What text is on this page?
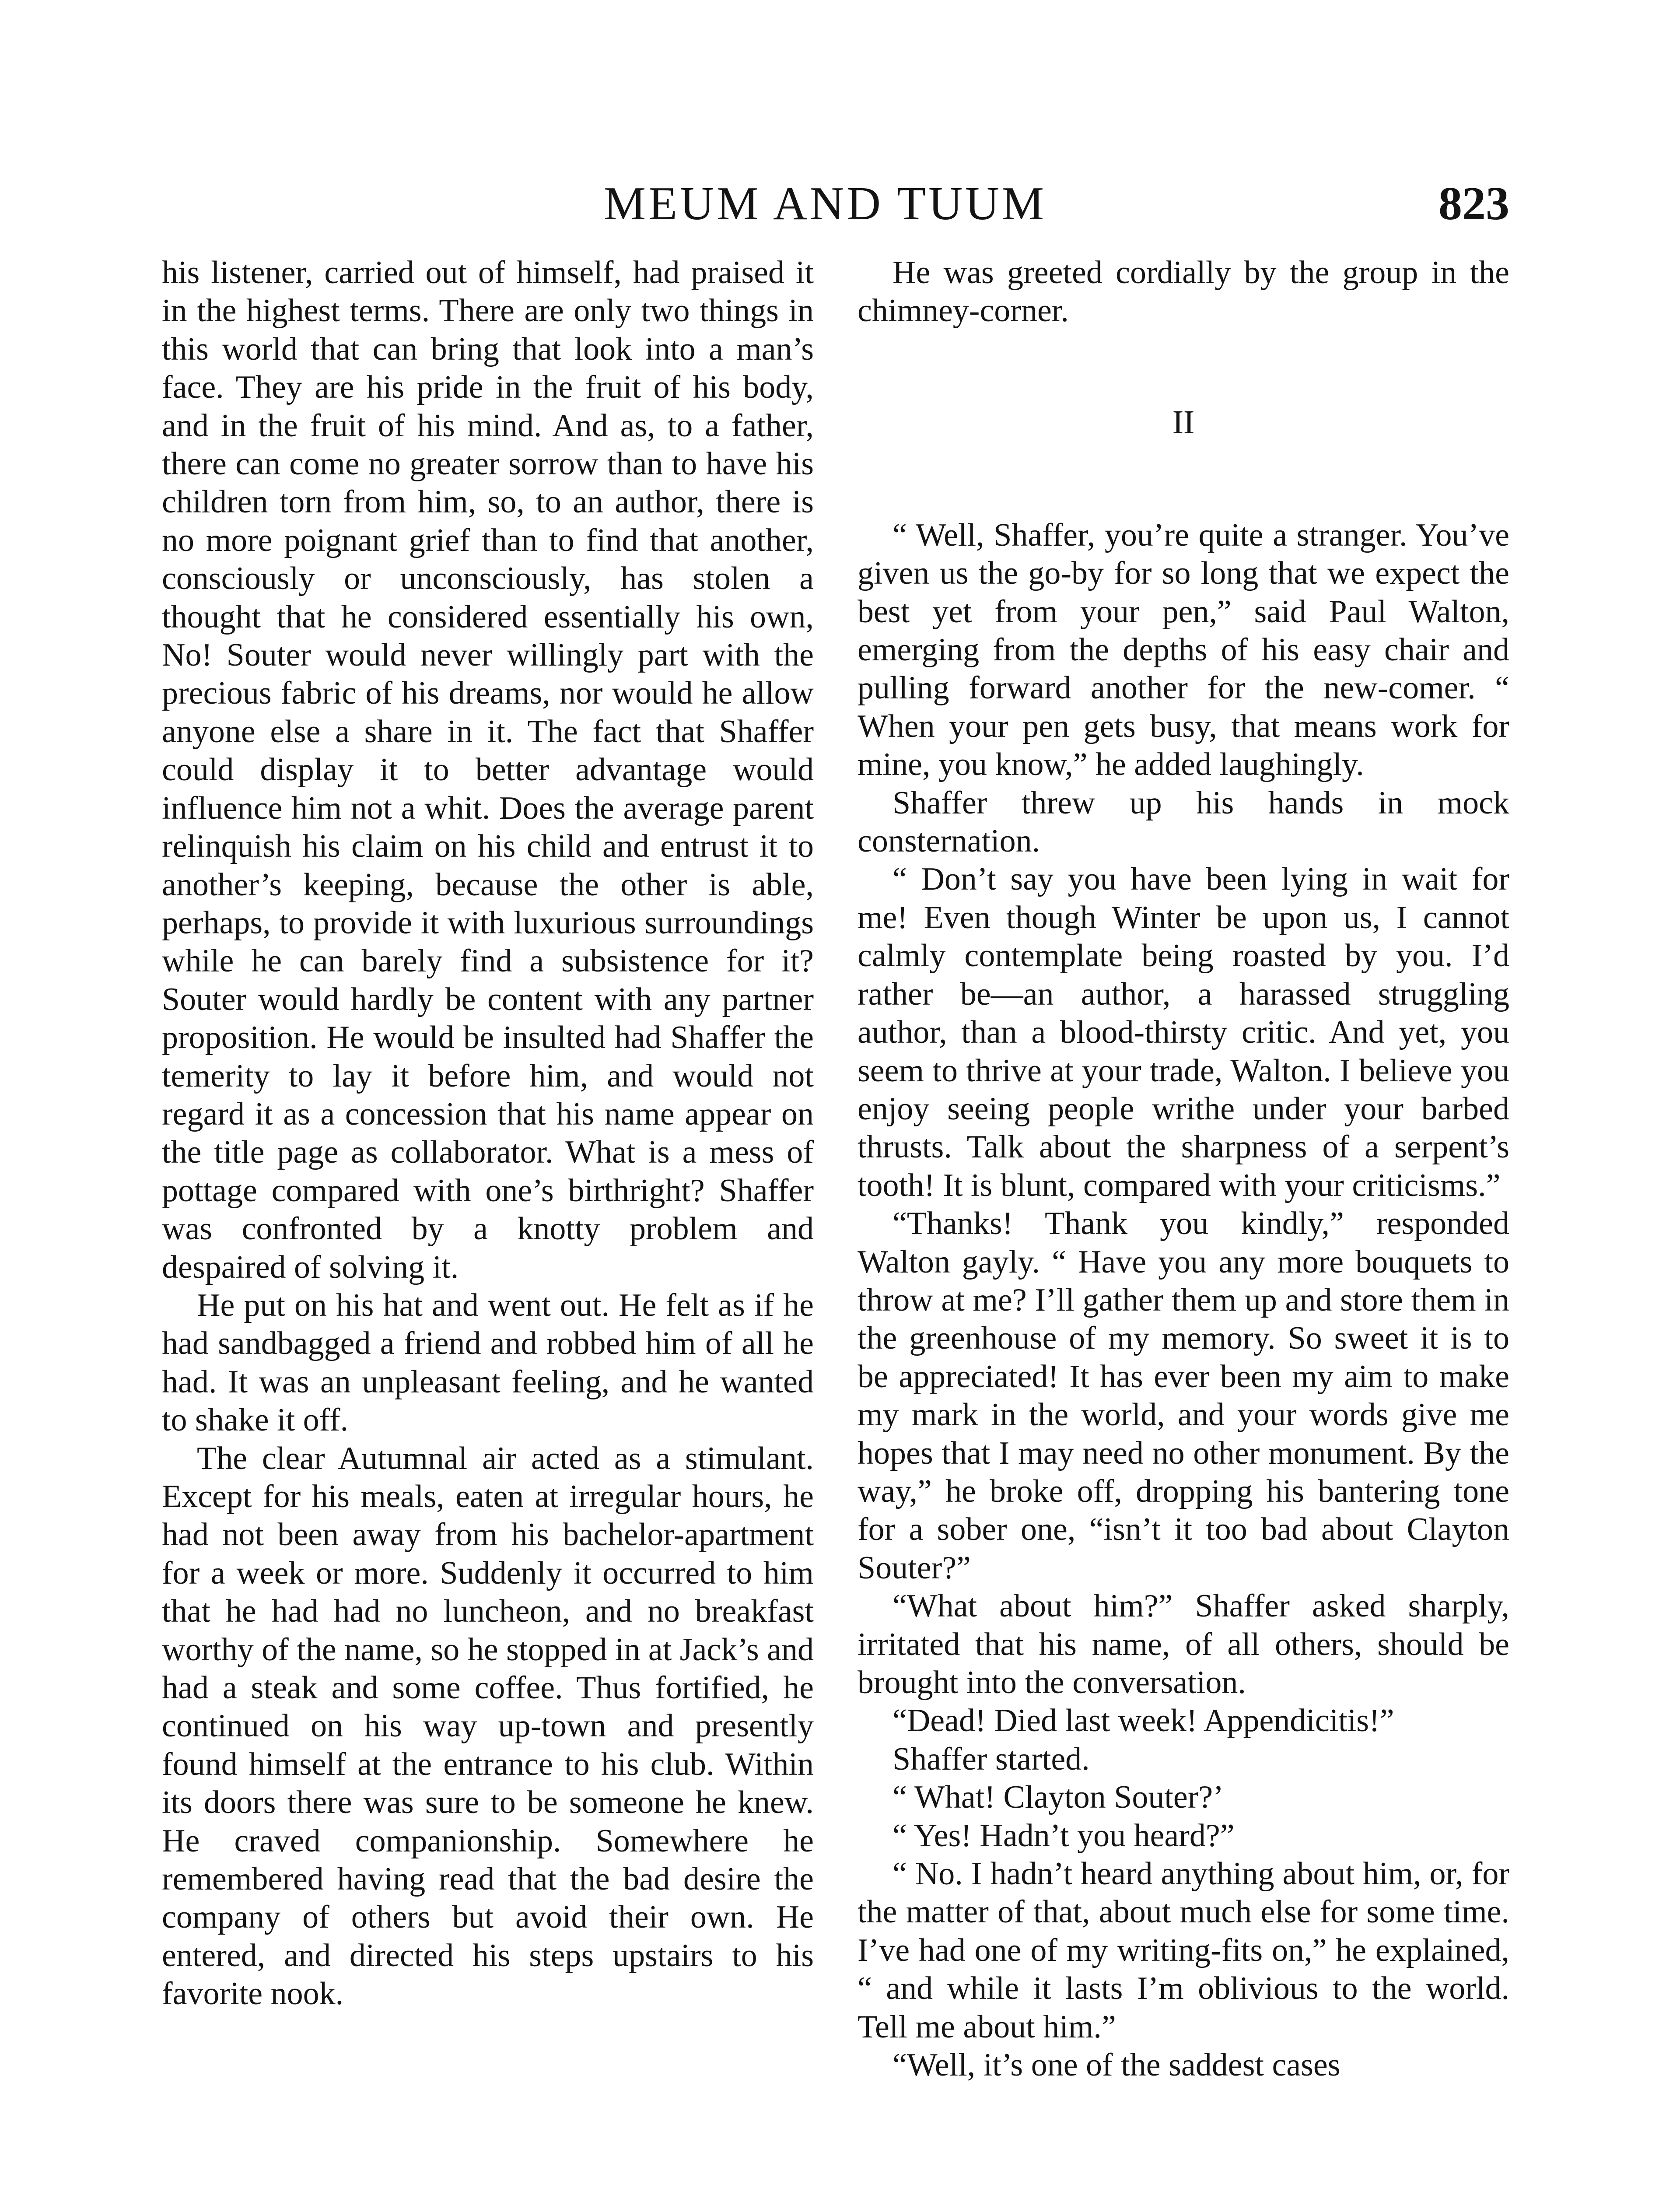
MEUM AND TUUM	823

his listener, carried out of himself, had praised it in the highest terms. There are only two things in this world that can bring that look into a man’s face. They are his pride in the fruit of his body, and in the fruit of his mind. And as, to a father, there can come no greater sorrow than to have his children torn from him, so, to an author, there is no more poignant grief than to find that another, consciously or unconsciously, has stolen a thought that he considered essentially his own, No! Souter would never willingly part with the precious fabric of his dreams, nor would he allow anyone else a share in it. The fact that Shaffer could display it to better advantage would influence him not a whit. Does the average parent relinquish his claim on his child and entrust it to another’s keeping, because the other is able, perhaps, to provide it with luxurious surroundings while he can barely find a subsistence for it? Souter would hardly be content with any partner proposition. He would be insulted had Shaffer the temerity to lay it before him, and would not regard it as a concession that his name appear on the title page as collaborator. What is a mess of pottage compared with one’s birthright? Shaffer was confronted by a knotty problem and despaired of solving it.

He put on his hat and went out. He felt as if he had sandbagged a friend and robbed him of all he had. It was an unpleasant feeling, and he wanted to shake it off.

The clear Autumnal air acted as a stimulant. Except for his meals, eaten at irregular hours, he had not been away from his bachelor-apartment for a week or more. Suddenly it occurred to him that he had had no luncheon, and no breakfast worthy of the name, so he stopped in at Jack’s and had a steak and some coffee. Thus fortified, he continued on his way up-town and presently found himself at the entrance to his club. Within its doors there was sure to be someone he knew. He craved companionship. Somewhere he remembered having read that the bad desire the company of others but avoid their own. He entered, and directed his steps upstairs to his favorite nook.

He was greeted cordially by the group in the chimney-corner.

II

“ Well, Shaffer, you’re quite a stranger. You’ve given us the go-by for so long that we expect the best yet from your pen,” said Paul Walton, emerging from the depths of his easy chair and pulling forward another for the new-comer. “ When your pen gets busy, that means work for mine, you know,” he added laughingly.

Shaffer threw up his hands in mock consternation.

“ Don’t say you have been lying in wait for me! Even though Winter be upon us, I cannot calmly contemplate being roasted by you. I’d rather be—an author, a harassed struggling author, than a blood-thirsty critic. And yet, you seem to thrive at your trade, Walton. I believe you enjoy seeing people writhe under your barbed thrusts. Talk about the sharpness of a serpent’s tooth! It is blunt, compared with your criticisms.”

“Thanks! Thank you kindly,” responded Walton gayly. “ Have you any more bouquets to throw at me? I’ll gather them up and store them in the greenhouse of my memory. So sweet it is to be appreciated! It has ever been my aim to make my mark in the world, and your words give me hopes that I may need no other monument. By the way,” he broke off, dropping his bantering tone for a sober one, “isn’t it too bad about Clayton Souter?”

“What about him?” Shaffer asked sharply, irritated that his name, of all others, should be brought into the conversation.

“Dead! Died last week! Appendicitis!”

Shaffer started.

“ What! Clayton Souter?’

“ Yes! Hadn’t you heard?”

“ No. I hadn’t heard anything about him, or, for the matter of that, about much else for some time. I’ve had one of my writing-fits on,” he explained, “ and while it lasts I’m oblivious to the world. Tell me about him.”

“Well, it’s one of the saddest cases
